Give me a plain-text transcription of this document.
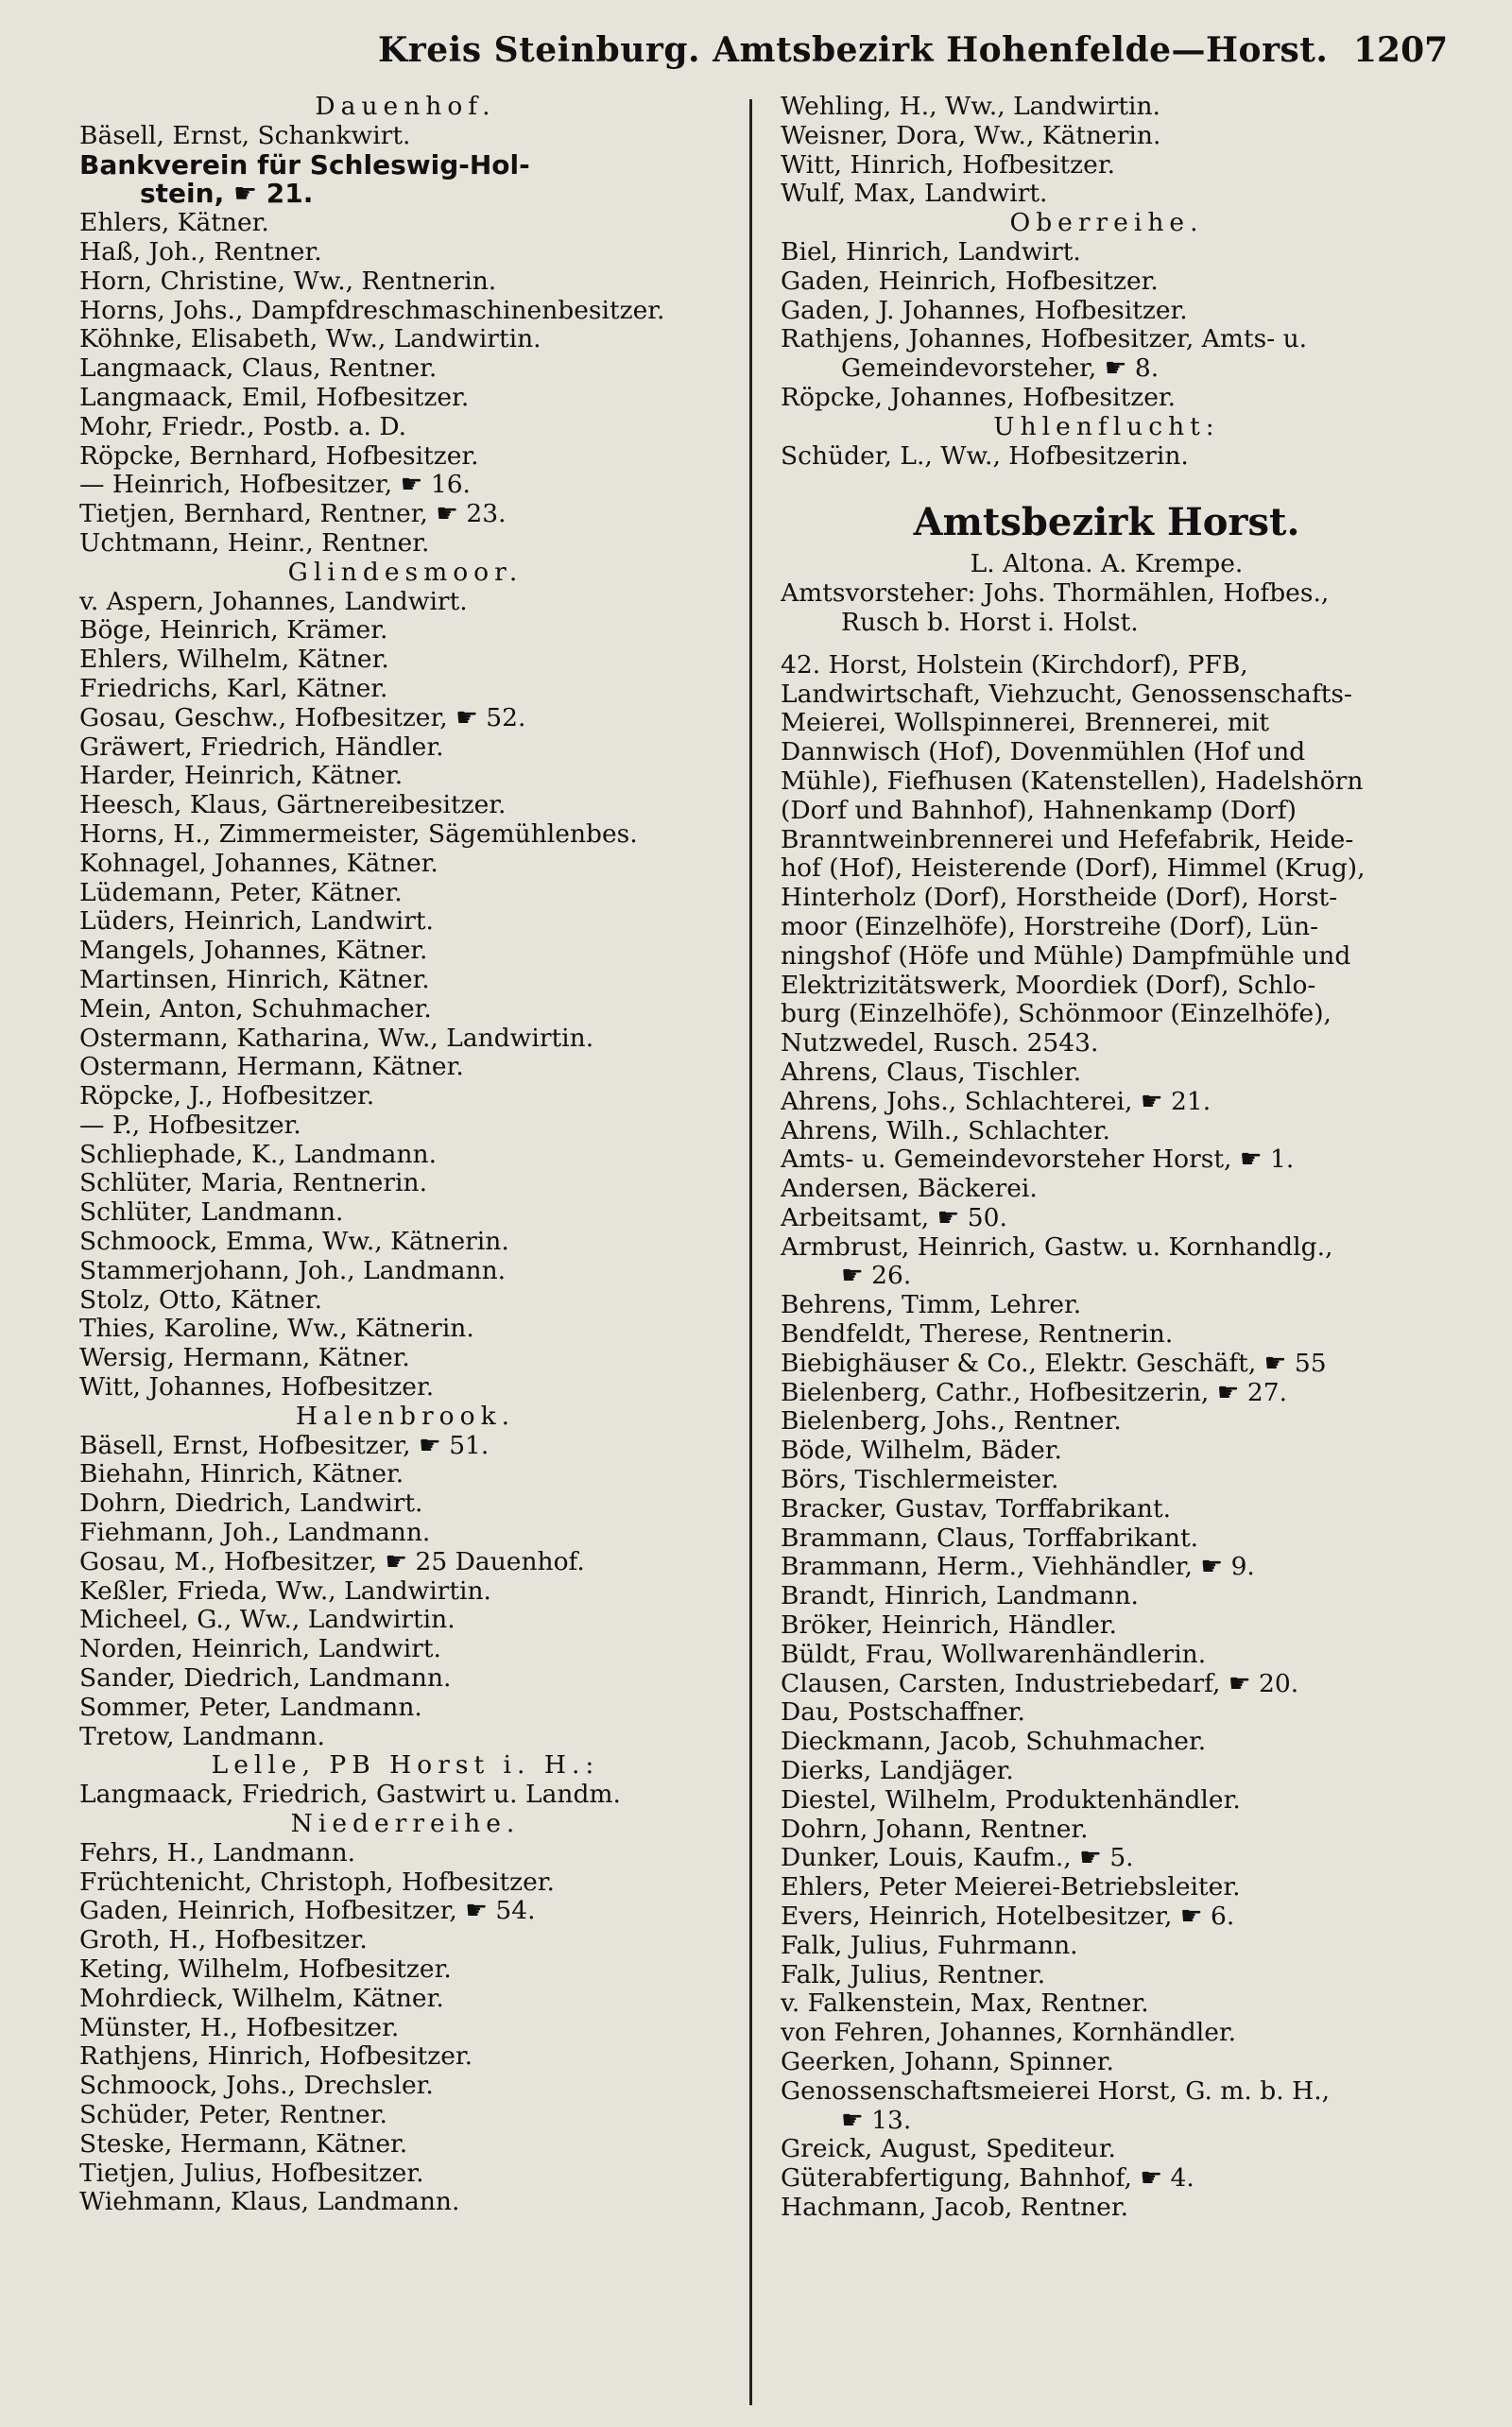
Kreis Steinburg. Amtsbezirk Hohenfelde—Horst. 1207
Dauenhof.
Bäsell, Ernst, Schankwirt.
Bankverein für Schleswig-Hol-
stein, ☛ 21.
Ehlers, Kätner.
Haß, Joh., Rentner.
Horn, Christine, Ww., Rentnerin.
Horns, Johs., Dampfdreschmaschinenbesitzer.
Köhnke, Elisabeth, Ww., Landwirtin.
Langmaack, Claus, Rentner.
Langmaack, Emil, Hofbesitzer.
Mohr, Friedr., Postb. a. D.
Röpcke, Bernhard, Hofbesitzer.
— Heinrich, Hofbesitzer, ☛ 16.
Tietjen, Bernhard, Rentner, ☛ 23.
Uchtmann, Heinr., Rentner.
Glindesmoor.
v. Aspern, Johannes, Landwirt.
Böge, Heinrich, Krämer.
Ehlers, Wilhelm, Kätner.
Friedrichs, Karl, Kätner.
Gosau, Geschw., Hofbesitzer, ☛ 52.
Gräwert, Friedrich, Händler.
Harder, Heinrich, Kätner.
Heesch, Klaus, Gärtnereibesitzer.
Horns, H., Zimmermeister, Sägemühlenbes.
Kohnagel, Johannes, Kätner.
Lüdemann, Peter, Kätner.
Lüders, Heinrich, Landwirt.
Mangels, Johannes, Kätner.
Martinsen, Hinrich, Kätner.
Mein, Anton, Schuhmacher.
Ostermann, Katharina, Ww., Landwirtin.
Ostermann, Hermann, Kätner.
Röpcke, J., Hofbesitzer.
— P., Hofbesitzer.
Schliephade, K., Landmann.
Schlüter, Maria, Rentnerin.
Schlüter, Landmann.
Schmoock, Emma, Ww., Kätnerin.
Stammerjohann, Joh., Landmann.
Stolz, Otto, Kätner.
Thies, Karoline, Ww., Kätnerin.
Wersig, Hermann, Kätner.
Witt, Johannes, Hofbesitzer.
Halenbrook.
Bäsell, Ernst, Hofbesitzer, ☛ 51.
Biehahn, Hinrich, Kätner.
Dohrn, Diedrich, Landwirt.
Fiehmann, Joh., Landmann.
Gosau, M., Hofbesitzer, ☛ 25 Dauenhof.
Keßler, Frieda, Ww., Landwirtin.
Micheel, G., Ww., Landwirtin.
Norden, Heinrich, Landwirt.
Sander, Diedrich, Landmann.
Sommer, Peter, Landmann.
Tretow, Landmann.
Lelle, PB Horst i. H.:
Langmaack, Friedrich, Gastwirt u. Landm.
Niederreihe.
Fehrs, H., Landmann.
Früchtenicht, Christoph, Hofbesitzer.
Gaden, Heinrich, Hofbesitzer, ☛ 54.
Groth, H., Hofbesitzer.
Keting, Wilhelm, Hofbesitzer.
Mohrdieck, Wilhelm, Kätner.
Münster, H., Hofbesitzer.
Rathjens, Hinrich, Hofbesitzer.
Schmoock, Johs., Drechsler.
Schüder, Peter, Rentner.
Steske, Hermann, Kätner.
Tietjen, Julius, Hofbesitzer.
Wiehmann, Klaus, Landmann.
Wehling, H., Ww., Landwirtin.
Weisner, Dora, Ww., Kätnerin.
Witt, Hinrich, Hofbesitzer.
Wulf, Max, Landwirt.
Oberreihe.
Biel, Hinrich, Landwirt.
Gaden, Heinrich, Hofbesitzer.
Gaden, J. Johannes, Hofbesitzer.
Rathjens, Johannes, Hofbesitzer, Amts- u.
Gemeindevorsteher, ☛ 8.
Röpcke, Johannes, Hofbesitzer.
Uhlenflucht:
Schüder, L., Ww., Hofbesitzerin.
Amtsbezirk Horst.
L. Altona. A. Krempe.
Amtsvorsteher: Johs. Thormählen, Hofbes.,
Rusch b. Horst i. Holst.
42. Horst, Holstein (Kirchdorf), PFB,
Landwirtschaft, Viehzucht, Genossenschafts-
Meierei, Wollspinnerei, Brennerei, mit
Dannwisch (Hof), Dovenmühlen (Hof und
Mühle), Fiefhusen (Katenstellen), Hadelshörn
(Dorf und Bahnhof), Hahnenkamp (Dorf)
Branntweinbrennerei und Hefefabrik, Heide-
hof (Hof), Heisterende (Dorf), Himmel (Krug),
Hinterholz (Dorf), Horstheide (Dorf), Horst-
moor (Einzelhöfe), Horstreihe (Dorf), Lün-
ningshof (Höfe und Mühle) Dampfmühle und
Elektrizitätswerk, Moordiek (Dorf), Schlo-
burg (Einzelhöfe), Schönmoor (Einzelhöfe),
Nutzwedel, Rusch. 2543.
Ahrens, Claus, Tischler.
Ahrens, Johs., Schlachterei, ☛ 21.
Ahrens, Wilh., Schlachter.
Amts- u. Gemeindevorsteher Horst, ☛ 1.
Andersen, Bäckerei.
Arbeitsamt, ☛ 50.
Armbrust, Heinrich, Gastw. u. Kornhandlg.,
☛ 26.
Behrens, Timm, Lehrer.
Bendfeldt, Therese, Rentnerin.
Biebighäuser & Co., Elektr. Geschäft, ☛ 55
Bielenberg, Cathr., Hofbesitzerin, ☛ 27.
Bielenberg, Johs., Rentner.
Böde, Wilhelm, Bäder.
Börs, Tischlermeister.
Bracker, Gustav, Torffabrikant.
Brammann, Claus, Torffabrikant.
Brammann, Herm., Viehhändler, ☛ 9.
Brandt, Hinrich, Landmann.
Bröker, Heinrich, Händler.
Büldt, Frau, Wollwarenhändlerin.
Clausen, Carsten, Industriebedarf, ☛ 20.
Dau, Postschaffner.
Dieckmann, Jacob, Schuhmacher.
Dierks, Landjäger.
Diestel, Wilhelm, Produktenhändler.
Dohrn, Johann, Rentner.
Dunker, Louis, Kaufm., ☛ 5.
Ehlers, Peter Meierei-Betriebsleiter.
Evers, Heinrich, Hotelbesitzer, ☛ 6.
Falk, Julius, Fuhrmann.
Falk, Julius, Rentner.
v. Falkenstein, Max, Rentner.
von Fehren, Johannes, Kornhändler.
Geerken, Johann, Spinner.
Genossenschaftsmeierei Horst, G. m. b. H.,
☛ 13.
Greick, August, Spediteur.
Güterabfertigung, Bahnhof, ☛ 4.
Hachmann, Jacob, Rentner.
